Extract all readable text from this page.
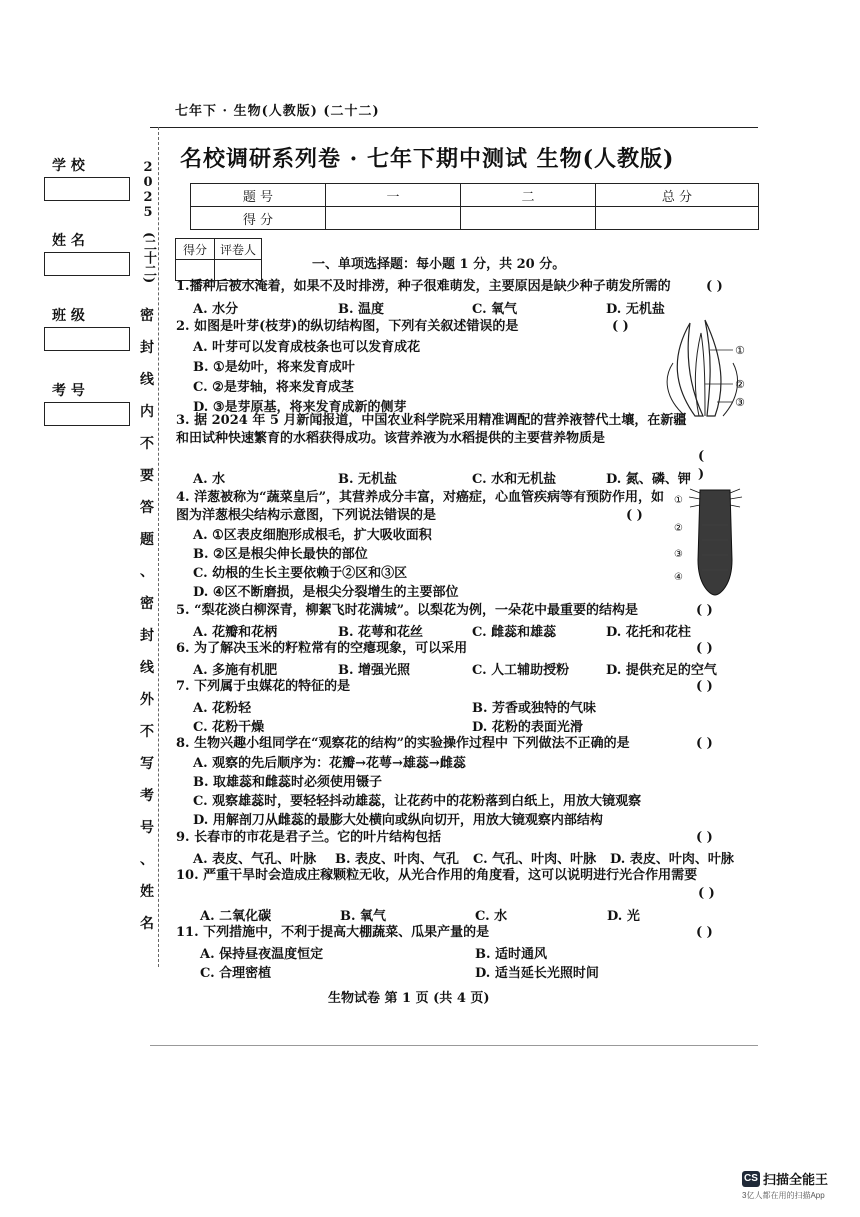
七年下 · 生物(人教版) (二十二)
学 校
姓 名
班 级
考 号
2
0
2
5
(二十二)
密
封
线
内
不
要
答
题
、
密
封
线
外
不
写
考
号
、
姓
名
名校调研系列卷 · 七年下期中测试 生物(人教版)
题 号	一	二	总 分
得 分			
得分	评卷人

一、单项选择题：每小题 1 分，共 20 分。
1.播种后被水淹着，如果不及时排涝，种子很难萌发，主要原因是缺少种子萌发所需的	( )
A. 水分	B. 温度	C. 氧气	D. 无机盐
2. 如图是叶芽(枝芽)的纵切结构图，下列有关叙述错误的是	( )
A. 叶芽可以发育成枝条也可以发育成花
B. ①是幼叶，将来发育成叶
C. ②是芽轴，将来发育成茎
D. ③是芽原基，将来发育成新的侧芽
①
②
③
3. 据 2024 年 5 月新闻报道，中国农业科学院采用精准调配的营养液替代土壤，在新疆和田试种快速繁育的水稻获得成功。该营养液为水稻提供的主要营养物质是
( )
A. 水	B. 无机盐	C. 水和无机盐	D. 氮、磷、钾
4. 洋葱被称为“蔬菜皇后”，其营养成分丰富，对癌症，心血管疾病等有预防作用，如图为洋葱根尖结构示意图，下列说法错误的是	( )
A. ①区表皮细胞形成根毛，扩大吸收面积
B. ②区是根尖伸长最快的部位
C. 幼根的生长主要依赖于②区和③区
D. ④区不断磨损，是根尖分裂增生的主要部位
①
②
③
④
5. “梨花淡白柳深青，柳絮飞时花满城”。以梨花为例，一朵花中最重要的结构是	( )
A. 花瓣和花柄	B. 花萼和花丝	C. 雌蕊和雄蕊	D. 花托和花柱
6. 为了解决玉米的籽粒常有的空瘪现象，可以采用	( )
A. 多施有机肥	B. 增强光照	C. 人工辅助授粉	D. 提供充足的空气
7. 下列属于虫媒花的特征的是	( )
A. 花粉轻	B. 芳香或独特的气味
C. 花粉干燥	D. 花粉的表面光滑
8. 生物兴趣小组同学在“观察花的结构”的实验操作过程中 下列做法不正确的是	( )
A. 观察的先后顺序为：花瓣→花萼→雄蕊→雌蕊
B. 取雄蕊和雌蕊时必须使用镊子
C. 观察雄蕊时，要轻轻抖动雄蕊，让花药中的花粉落到白纸上，用放大镜观察
D. 用解剖刀从雌蕊的最膨大处横向或纵向切开，用放大镜观察内部结构
9. 长春市的市花是君子兰。它的叶片结构包括	( )
A. 表皮、气孔、叶脉 B. 表皮、叶肉、气孔 C. 气孔、叶肉、叶脉 D. 表皮、叶肉、叶脉
10. 严重干旱时会造成庄稼颗粒无收，从光合作用的角度看，这可以说明进行光合作用需要
( )
A. 二氧化碳	B. 氧气	C. 水	D. 光
11. 下列措施中，不利于提高大棚蔬菜、瓜果产量的是	( )
A. 保持昼夜温度恒定	B. 适时通风
C. 合理密植	D. 适当延长光照时间
生物试卷 第 1 页 (共 4 页)
CS 扫描全能王
3亿人都在用的扫描App
